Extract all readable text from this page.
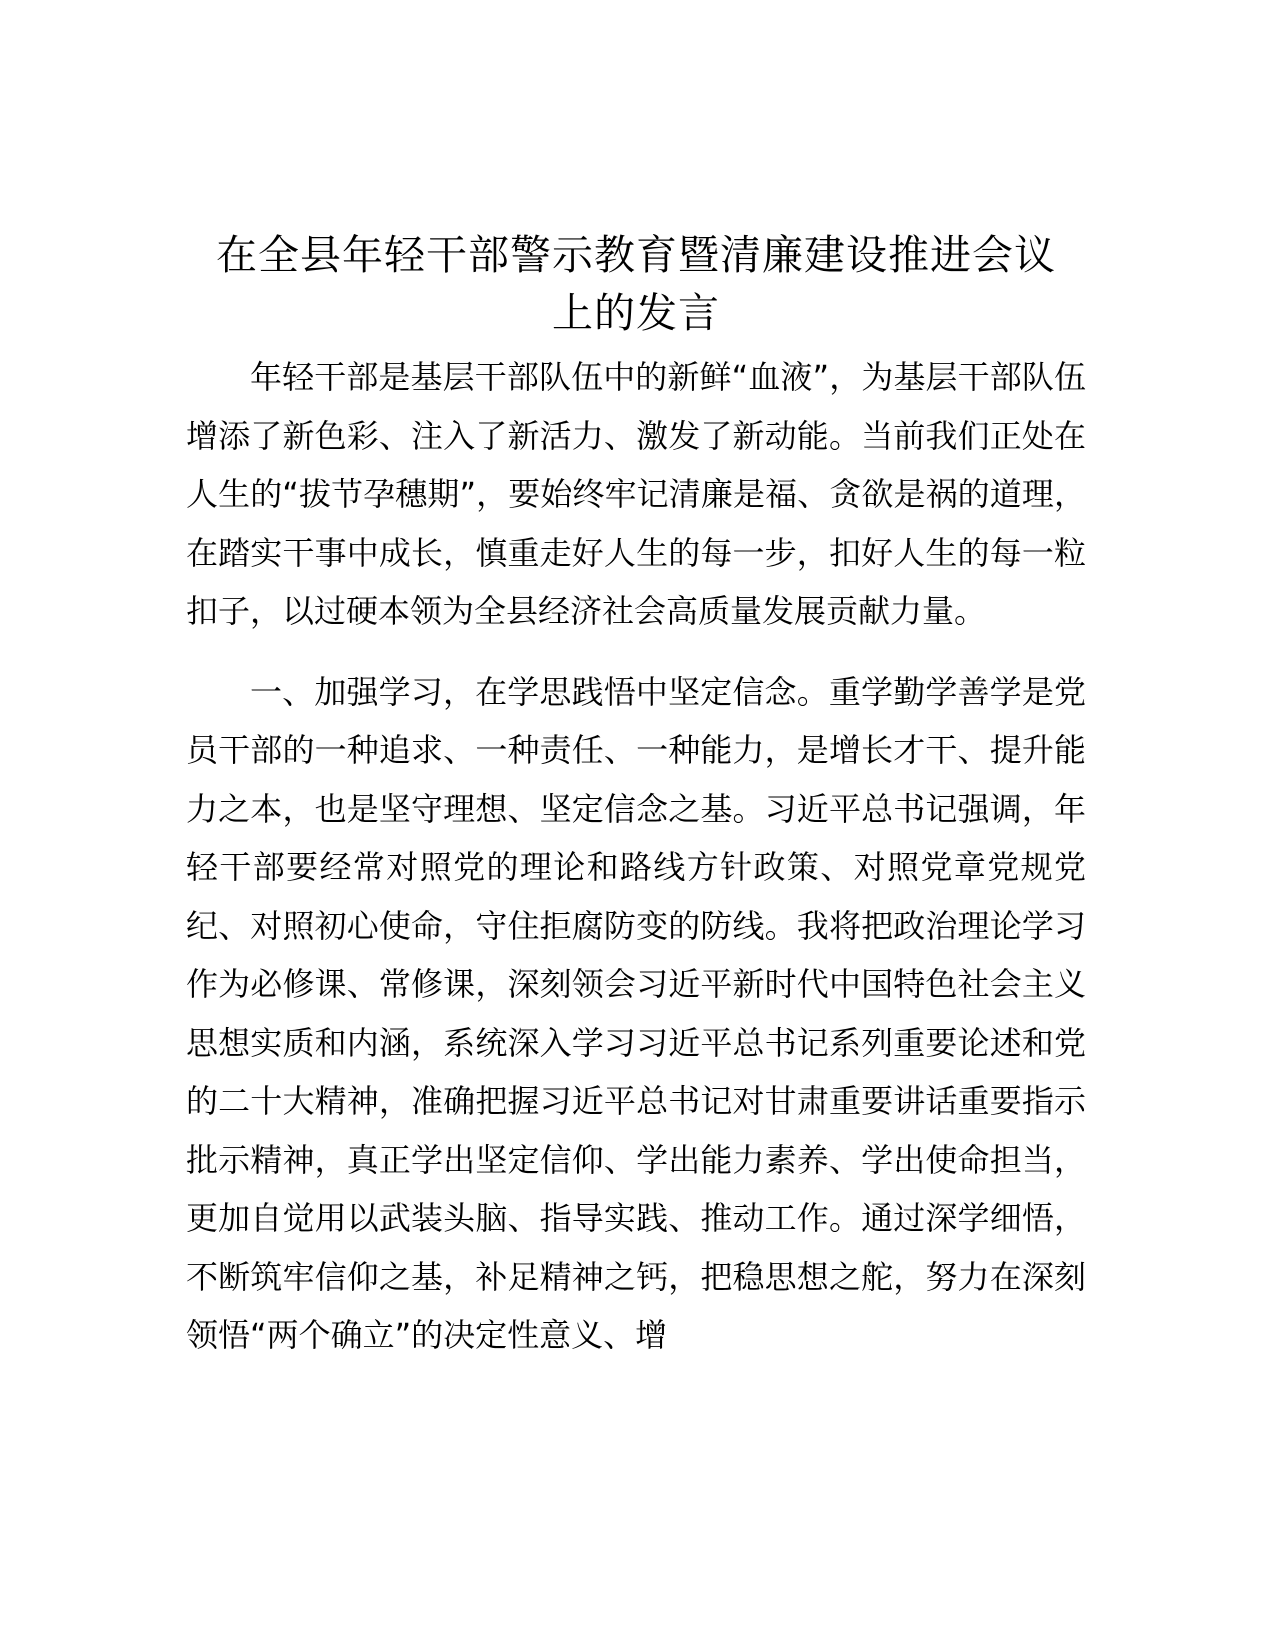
在全县年轻干部警示教育暨清廉建设推进会议
上的发言

年轻干部是基层干部队伍中的新鲜“血液”，为基层干部队伍增添了新色彩、注入了新活力、激发了新动能。当前我们正处在人生的“拔节孕穗期”，要始终牢记清廉是福、贪欲是祸的道理，在踏实干事中成长，慎重走好人生的每一步，扣好人生的每一粒扣子，以过硬本领为全县经济社会高质量发展贡献力量。

一、加强学习，在学思践悟中坚定信念。重学勤学善学是党员干部的一种追求、一种责任、一种能力，是增长才干、提升能力之本，也是坚守理想、坚定信念之基。习近平总书记强调，年轻干部要经常对照党的理论和路线方针政策、对照党章党规党纪、对照初心使命，守住拒腐防变的防线。我将把政治理论学习作为必修课、常修课，深刻领会习近平新时代中国特色社会主义思想实质和内涵，系统深入学习习近平总书记系列重要论述和党的二十大精神，准确把握习近平总书记对甘肃重要讲话重要指示批示精神，真正学出坚定信仰、学出能力素养、学出使命担当，更加自觉用以武装头脑、指导实践、推动工作。通过深学细悟，不断筑牢信仰之基，补足精神之钙，把稳思想之舵，努力在深刻领悟“两个确立”的决定性意义、增
